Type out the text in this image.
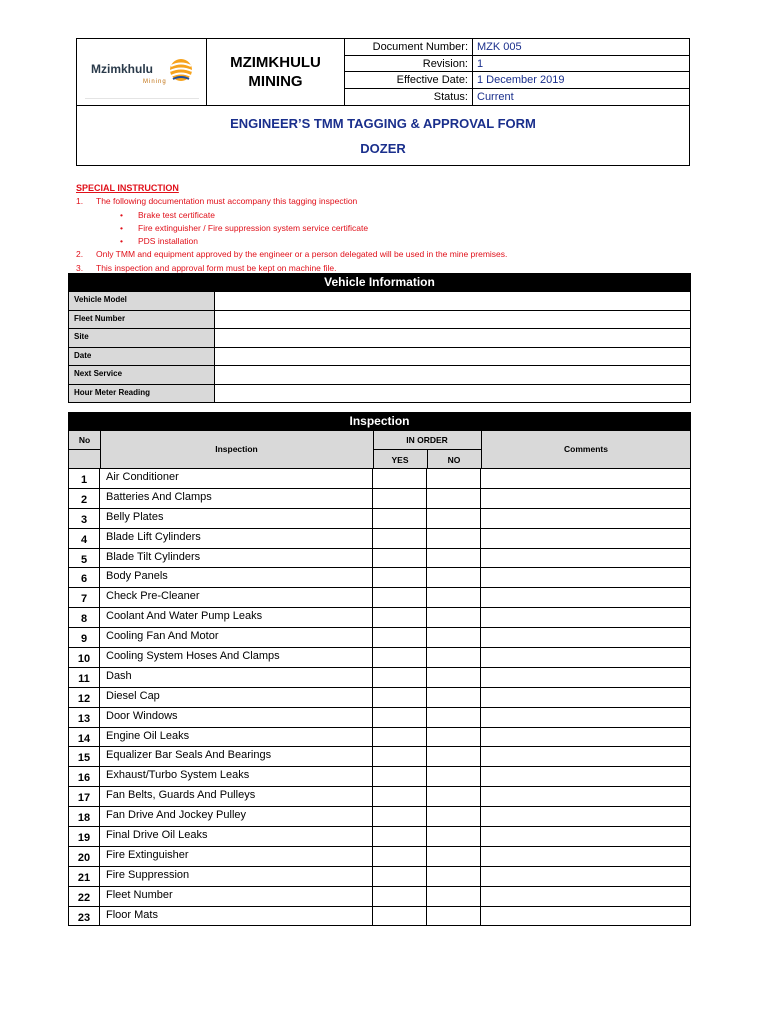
Mzimkhulu
Mining
MZIMKHULU MINING
Document Number: MZK 005
Revision: 1
Effective Date: 1 December 2019
Status: Current
ENGINEER’S TMM TAGGING & APPROVAL FORM
DOZER
SPECIAL INSTRUCTION
1. The following documentation must accompany this tagging inspection
• Brake test certificate
• Fire extinguisher / Fire suppression system service certificate
• PDS installation
2. Only TMM and equipment approved by the engineer or a person delegated will be used in the mine premises.
3. This inspection and approval form must be kept on machine file.
Vehicle Information
Vehicle Model
Fleet Number
Site
Date
Next Service
Hour Meter Reading
Inspection
No
Inspection
IN ORDER
YES	NO
Comments
1	Air Conditioner
2	Batteries And Clamps
3	Belly Plates
4	Blade Lift Cylinders
5	Blade Tilt Cylinders
6	Body Panels
7	Check Pre-Cleaner
8	Coolant And Water Pump Leaks
9	Cooling Fan And Motor
10	Cooling System Hoses And Clamps
11	Dash
12	Diesel Cap
13	Door Windows
14	Engine Oil Leaks
15	Equalizer Bar Seals And Bearings
16	Exhaust/Turbo System Leaks
17	Fan Belts, Guards And Pulleys
18	Fan Drive And Jockey Pulley
19	Final Drive Oil Leaks
20	Fire Extinguisher
21	Fire Suppression
22	Fleet Number
23	Floor Mats
